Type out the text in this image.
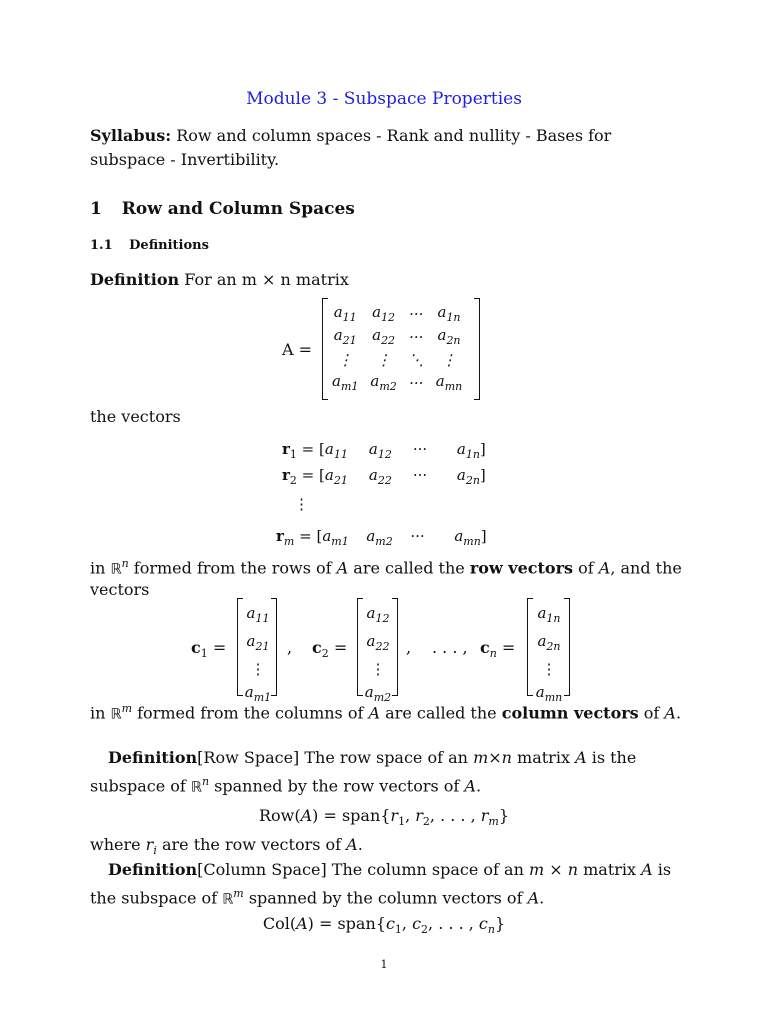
Module 3 - Subspace Properties
Syllabus: Row and column spaces - Rank and nullity - Bases for subspace - Invertibility.
1 Row and Column Spaces
1.1 Definitions
Definition For an m × n matrix
A =
$a_{11}$	$a_{12}$	···	$a_{1n}$
$a_{21}$	$a_{22}$	···	$a_{2n}$
⋮	⋮	⋱	⋮
$a_{m1}$	$a_{m2}$	···	$a_{mn}$
the vectors
$r_1 = [a_{11}$ $a_{12}$ ··· $a_{1n}$]
$r_2 = [a_{21}$ $a_{22}$ ··· $a_{2n}$]
⋮
$r_m = [a_{m1}$ $a_{m2}$ ··· $a_{mn}$]
in ℝ$^n$ formed from the rows of A are called the row vectors of A, and the
vectors
$c_1$ =
$a_{11}$
$a_{21}$
⋮
$a_{m1}$
, $c_2$ =
$a_{12}$
$a_{22}$
⋮
$a_{m2}$
, . . . , $c_n$ =
$a_{1n}$
$a_{2n}$
⋮
$a_{mn}$
in ℝ$^m$ formed from the columns of A are called the column vectors of A.
Definition[Row Space] The row space of an m×n matrix A is the subspace of ℝ$^n$ spanned by the row vectors of A.
$Row(A) = span\{r_1$, $r_2$, . . . , $r_m$}
where $r_i$ are the row vectors of A.
Definition[Column Space] The column space of an m × n matrix A is the subspace of ℝ$^m$ spanned by the column vectors of A.
$Col(A) = span\{c_1$, $c_2$, . . . , $c_n$}
1
